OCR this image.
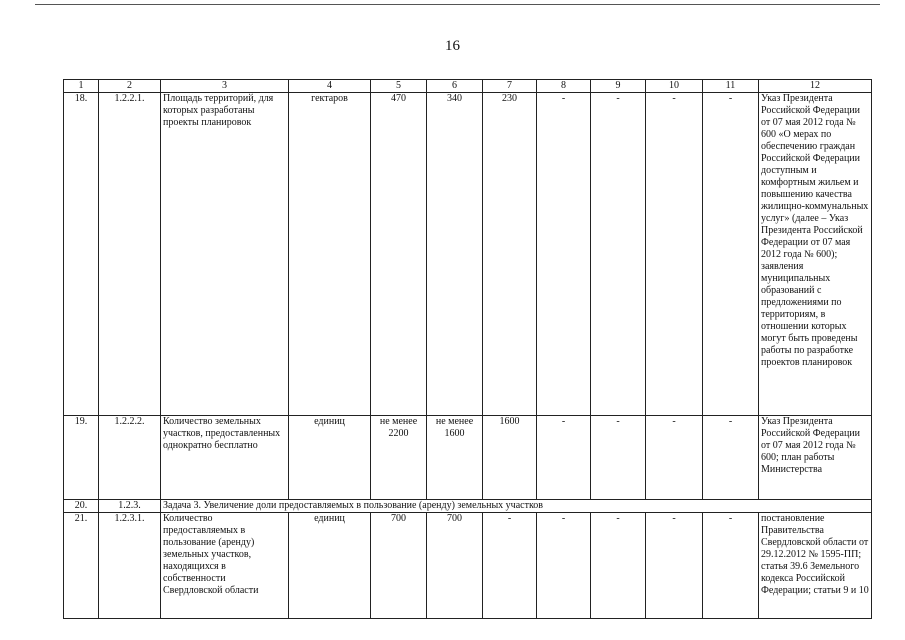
16
1	2	3	4	5	6	7	8	9	10	11	12
18.	1.2.2.1.	Площадь территорий, для которых разработаны проекты планировок	гектаров	470	340	230	-	-	-	-	Указ Президента Российской Федерации от 07 мая 2012 года № 600 «О мерах по обеспечению граждан Российской Федерации доступным и комфортным жильем и повышению качества жилищно-коммунальных услуг» (далее – Указ Президента Российской Федерации от 07 мая 2012 года № 600); заявления муниципальных образований с предложениями по территориям, в отношении которых могут быть проведены работы по разработке проектов планировок
19.	1.2.2.2.	Количество земельных участков, предоставленных однократно бесплатно	единиц	не менее 2200	не менее 1600	1600	-	-	-	-	Указ Президента Российской Федерации от 07 мая 2012 года № 600; план работы Министерства
20.	1.2.3.	Задача 3. Увеличение доли предоставляемых в пользование (аренду) земельных участков									
21.	1.2.3.1.	Количество предоставляемых в пользование (аренду) земельных участков, находящихся в собственности Свердловской области	единиц	700	700	-	-	-	-	-	постановление Правительства Свердловской области от 29.12.2012 № 1595-ПП; статья 39.6 Земельного кодекса Российской Федерации; статьи 9 и 10
